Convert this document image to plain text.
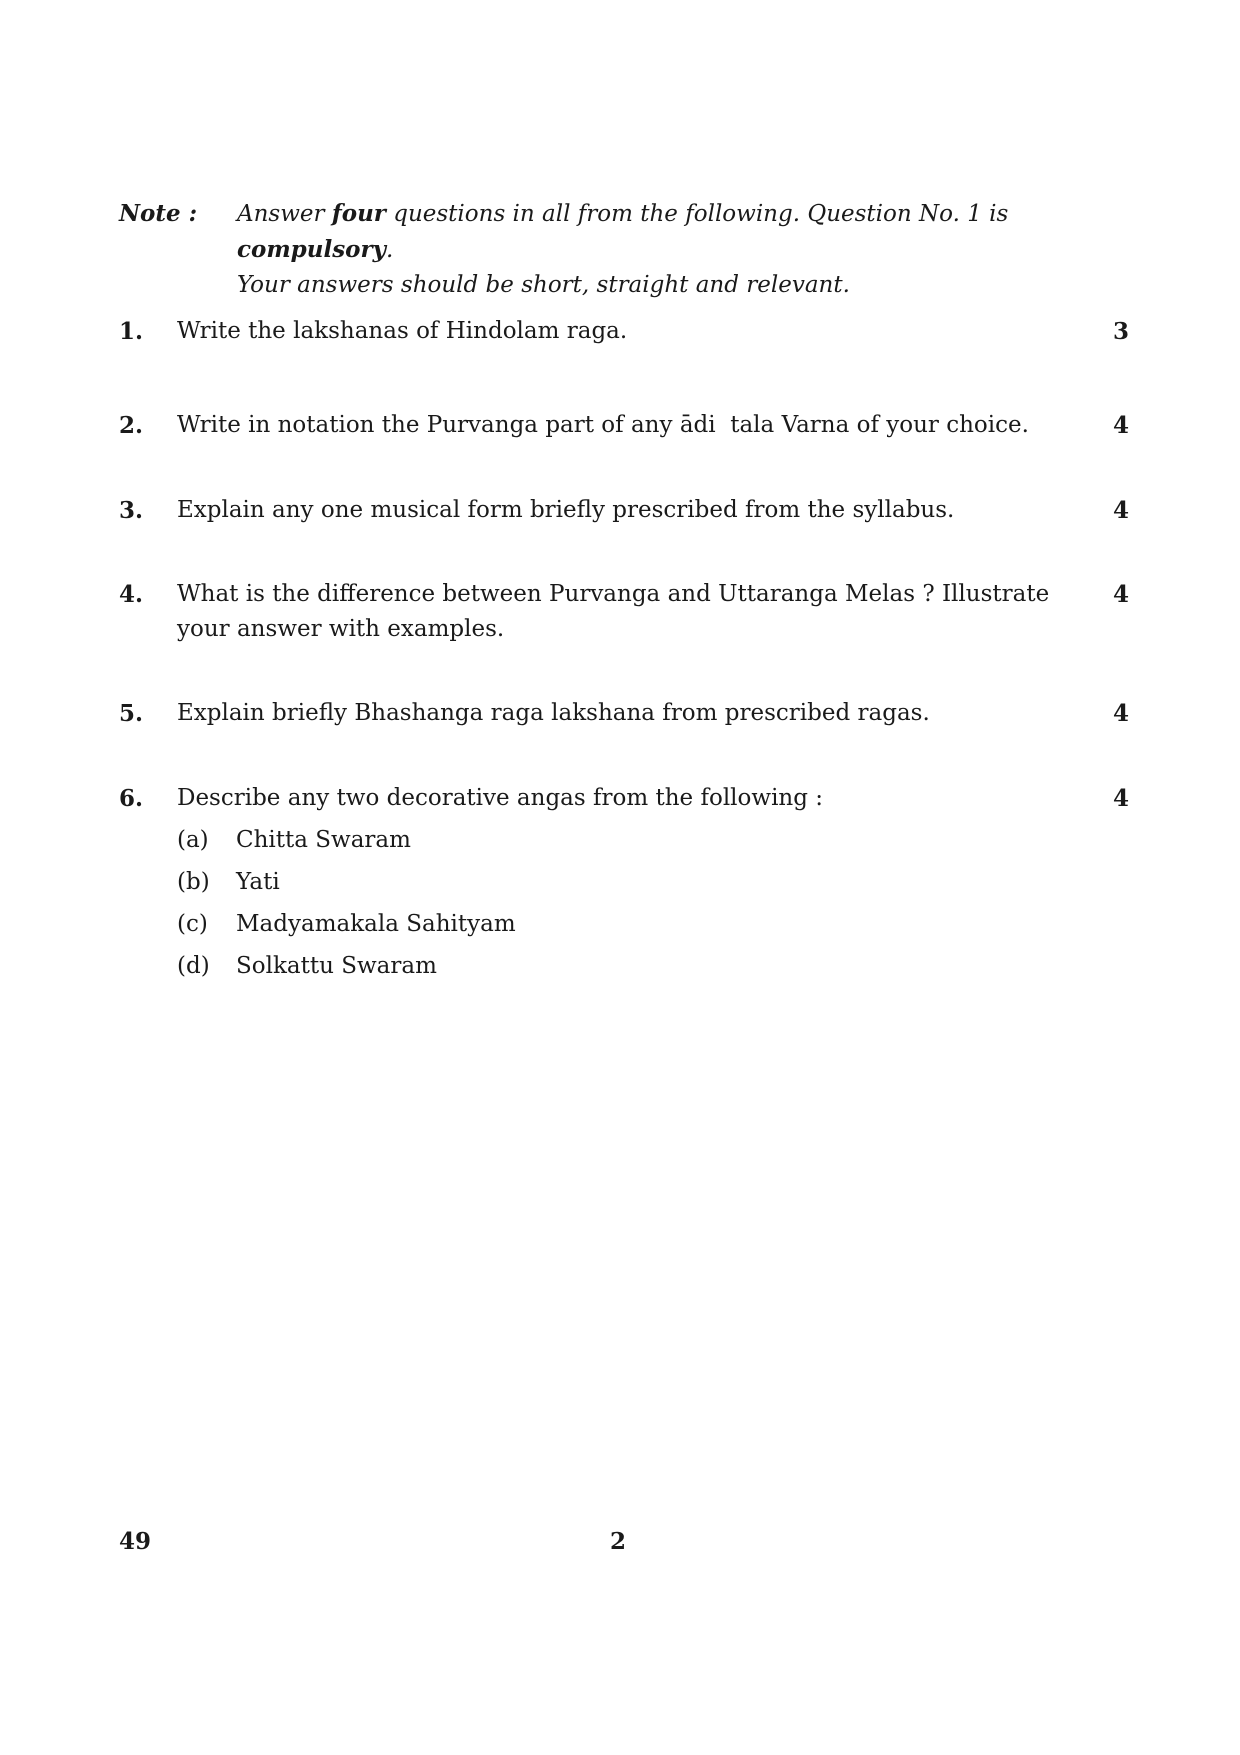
Note : Answer four questions in all from the following. Question No. 1 is compulsory.
Your answers should be short, straight and relevant.
1. Write the lakshanas of Hindolam raga.	3
2. Write in notation the Purvanga part of any ādi  tala Varna of your choice.	4
3. Explain any one musical form briefly prescribed from the syllabus.	4
4. What is the difference between Purvanga and Uttaranga Melas ? Illustrate your answer with examples.
4
5. Explain briefly Bhashanga raga lakshana from prescribed ragas.	4
6. Describe any two decorative angas from the following :	4
(a) Chitta Swaram
(b) Yati
(c) Madyamakala Sahityam
(d) Solkattu Swaram
49	2
